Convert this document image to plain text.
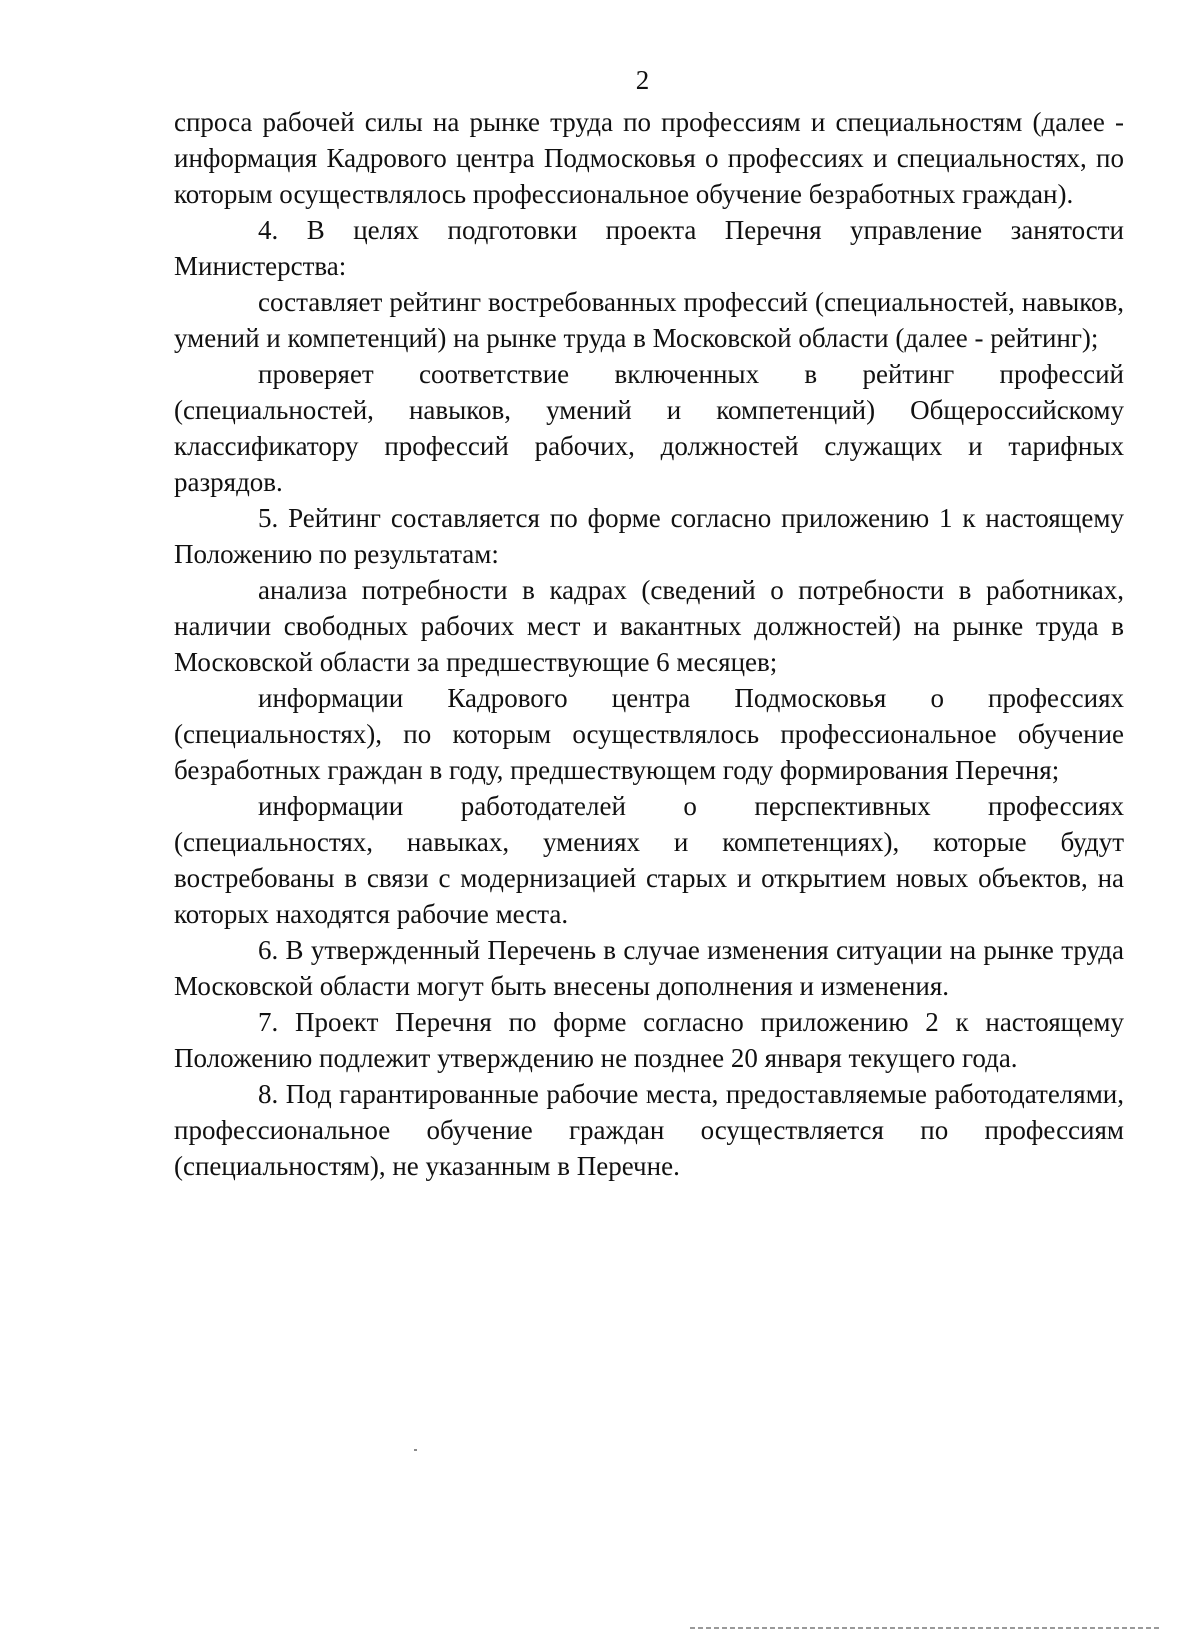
2

спроса рабочей силы на рынке труда по профессиям и специальностям (далее - информация Кадрового центра Подмосковья о профессиях и специальностях, по которым осуществлялось профессиональное обучение безработных граждан).

4. В целях подготовки проекта Перечня управление занятости Министерства:

составляет рейтинг востребованных профессий (специальностей, навыков, умений и компетенций) на рынке труда в Московской области (далее - рейтинг);

проверяет соответствие включенных в рейтинг профессий (специальностей, навыков, умений и компетенций) Общероссийскому классификатору профессий рабочих, должностей служащих и тарифных разрядов.

5. Рейтинг составляется по форме согласно приложению 1 к настоящему Положению по результатам:

анализа потребности в кадрах (сведений о потребности в работниках, наличии свободных рабочих мест и вакантных должностей) на рынке труда в Московской области за предшествующие 6 месяцев;

информации Кадрового центра Подмосковья о профессиях (специальностях), по которым осуществлялось профессиональное обучение безработных граждан в году, предшествующем году формирования Перечня;

информации работодателей о перспективных профессиях (специальностях, навыках, умениях и компетенциях), которые будут востребованы в связи с модернизацией старых и открытием новых объектов, на которых находятся рабочие места.

6. В утвержденный Перечень в случае изменения ситуации на рынке труда Московской области могут быть внесены дополнения и изменения.

7. Проект Перечня по форме согласно приложению 2 к настоящему Положению подлежит утверждению не позднее 20 января текущего года.

8. Под гарантированные рабочие места, предоставляемые работодателями, профессиональное обучение граждан осуществляется по профессиям (специальностям), не указанным в Перечне.
